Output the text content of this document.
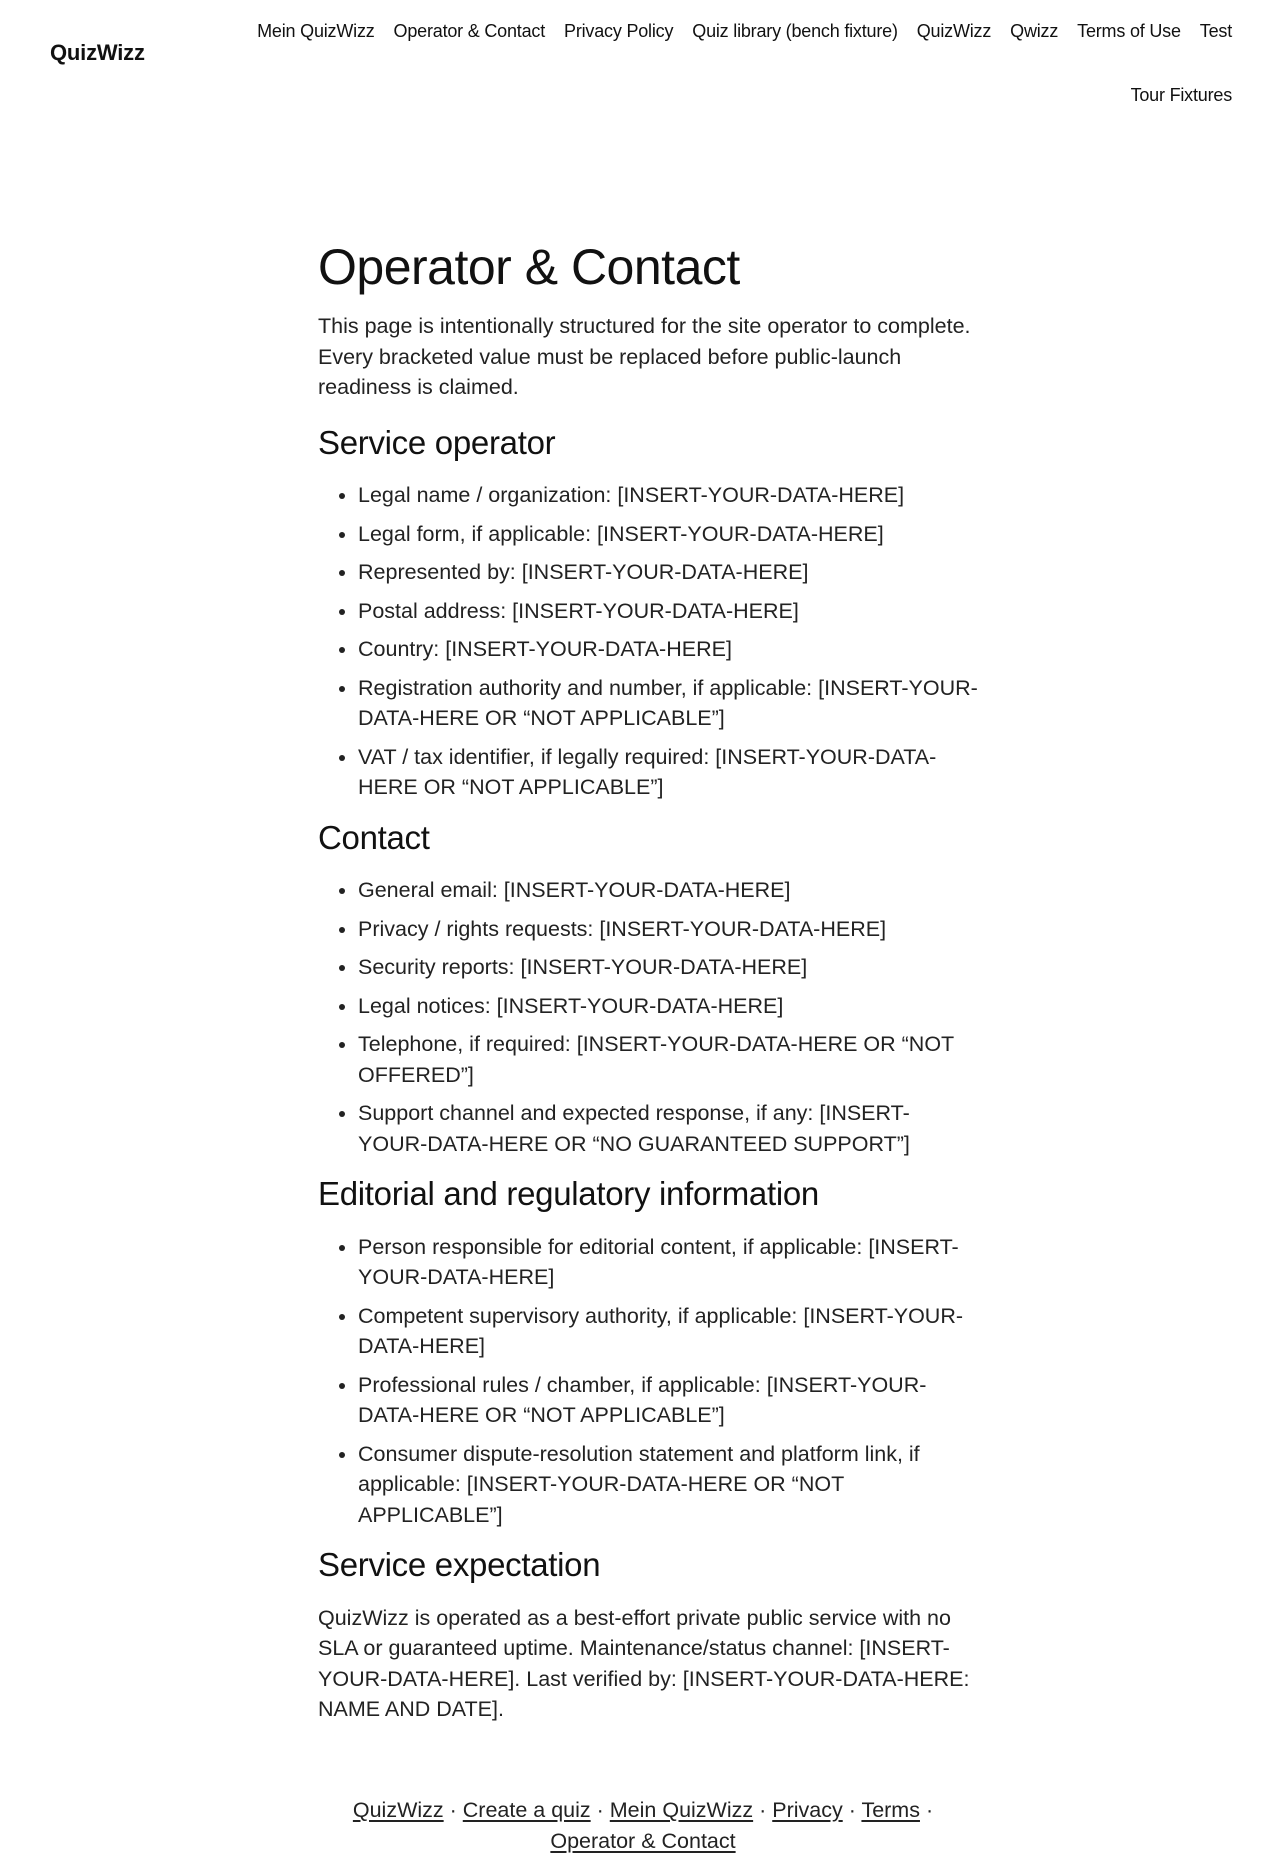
QuizWizz
Mein QuizWizz	Operator & Contact	Privacy Policy	Quiz library (bench fixture)	QuizWizz	Qwizz	Terms of Use	Test
Tour Fixtures
Operator & Contact

This page is intentionally structured for the site operator to complete. Every bracketed value must be replaced before public-launch readiness is claimed.

Service operator
• Legal name / organization: [INSERT-YOUR-DATA-HERE]
• Legal form, if applicable: [INSERT-YOUR-DATA-HERE]
• Represented by: [INSERT-YOUR-DATA-HERE]
• Postal address: [INSERT-YOUR-DATA-HERE]
• Country: [INSERT-YOUR-DATA-HERE]
• Registration authority and number, if applicable: [INSERT-YOUR-DATA-HERE OR “NOT APPLICABLE”]
• VAT / tax identifier, if legally required: [INSERT-YOUR-DATA-HERE OR “NOT APPLICABLE”]
Contact
• General email: [INSERT-YOUR-DATA-HERE]
• Privacy / rights requests: [INSERT-YOUR-DATA-HERE]
• Security reports: [INSERT-YOUR-DATA-HERE]
• Legal notices: [INSERT-YOUR-DATA-HERE]
• Telephone, if required: [INSERT-YOUR-DATA-HERE OR “NOT OFFERED”]
• Support channel and expected response, if any: [INSERT-YOUR-DATA-HERE OR “NO GUARANTEED SUPPORT”]
Editorial and regulatory information
• Person responsible for editorial content, if applicable: [INSERT-YOUR-DATA-HERE]
• Competent supervisory authority, if applicable: [INSERT-YOUR-DATA-HERE]
• Professional rules / chamber, if applicable: [INSERT-YOUR-DATA-HERE OR “NOT APPLICABLE”]
• Consumer dispute-resolution statement and platform link, if applicable: [INSERT-YOUR-DATA-HERE OR “NOT APPLICABLE”]
Service expectation

QuizWizz is operated as a best-effort private public service with no SLA or guaranteed uptime. Maintenance/status channel: [INSERT-YOUR-DATA-HERE]. Last verified by: [INSERT-YOUR-DATA-HERE: NAME AND DATE].

QuizWizz · Create a quiz · Mein QuizWizz · Privacy · Terms · Operator & Contact
